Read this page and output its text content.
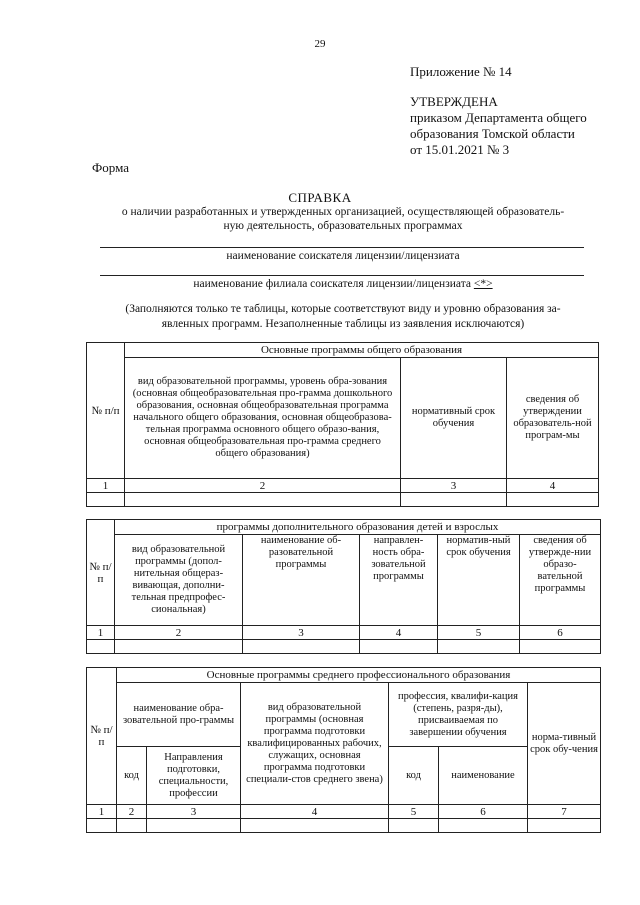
29
Приложение № 14
УТВЕРЖДЕНА
приказом Департамента общего
образования Томской области
от 15.01.2021 № 3
Форма
СПРАВКА
о наличии разработанных и утвержденных организацией, осуществляющей образователь-
ную деятельность, образовательных программах
наименование соискателя лицензии/лицензиата
наименование филиала соискателя лицензии/лицензиата <*>
(Заполняются только те таблицы, которые соответствуют виду и уровню образования за-
явленных программ. Незаполненные таблицы из заявления исключаются)
№ п/п	Основные программы общего образования		
	вид образовательной программы, уровень обра-зования (основная общеобразовательная про-грамма дошкольного образования, основная общеобразовательная программа начального общего образования, основная общеобразова-тельная программа основного общего образо-вания, основная общеобразовательная про-грамма среднего общего образования)	нормативный срок обучения	сведения об утверждении образователь-ной програм-мы
1	2	3	4

№ п/п	программы дополнительного образования детей и взрослых				
	вид образовательной программы (допол-нительная общераз-вивающая, дополни-тельная предпрофес-сиональная)	наименование об-разовательной программы	направлен-ность обра-зовательной программы	норматив-ный срок обучения	сведения об утвержде-нии образо-вательной программы
1	2	3	4	5	6

№ п/п	Основные программы среднего профессионального образования					
	наименование обра-зовательной про-граммы		вид образовательной программы (основная программа подготовки квалифицированных рабочих, служащих, основная программа подготовки специали-стов среднего звена)	профессия, квалифи-кация (степень, разря-ды), присваиваемая по завершении обучения		норма-тивный срок обу-чения
	код	Направления подготовки, специальности, профессии		код	наименование	
1	2	3	4	5	6	7
